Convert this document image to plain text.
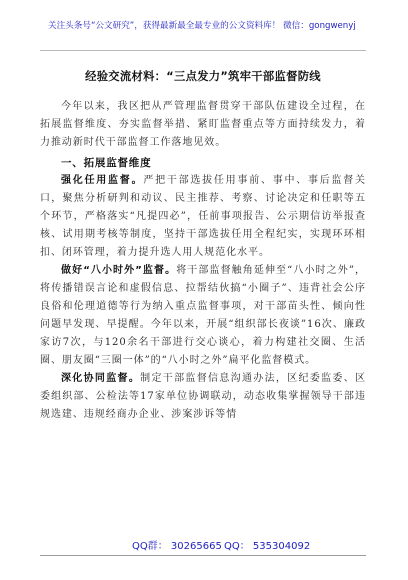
关注头条号“公文研究”，获得最新最全最专业的公文资料库！ 微信：gongwenyj
经验交流材料：“三点发力”筑牢干部监督防线

今年以来，我区把从严管理监督贯穿干部队伍建设全过程，在拓展监督维度、夯实监督举措、紧盯监督重点等方面持续发力，着力推动新时代干部监督工作落地见效。

一、拓展监督维度

强化任用监督。严把干部选拔任用事前、事中、事后监督关口，聚焦分析研判和动议、民主推荐、考察、讨论决定和任职等五个环节，严格落实“凡提四必”，任前事项报告、公示期信访举报查核、试用期考核等制度，坚持干部选拔任用全程纪实，实现环环相扣、闭环管理，着力提升选人用人规范化水平。

做好“八小时外”监督。将干部监督触角延伸至“八小时之外”，将传播错误言论和虚假信息、拉帮结伙搞“小圈子”、违背社会公序良俗和伦理道德等行为纳入重点监督事项，对干部苗头性、倾向性问题早发现、早提醒。今年以来，开展“组织部长夜谈”16次、廉政家访7次，与120余名干部进行交心谈心，着力构建社交圈、生活圈、朋友圈“三圈一体”的“八小时之外”扁平化监督模式。

深化协同监督。制定干部监督信息沟通办法，区纪委监委、区委组织部、公检法等17家单位协调联动，动态收集掌握领导干部违规选建、违规经商办企业、涉案涉诉等情

QQ群： 30265665 QQ： 535304092
